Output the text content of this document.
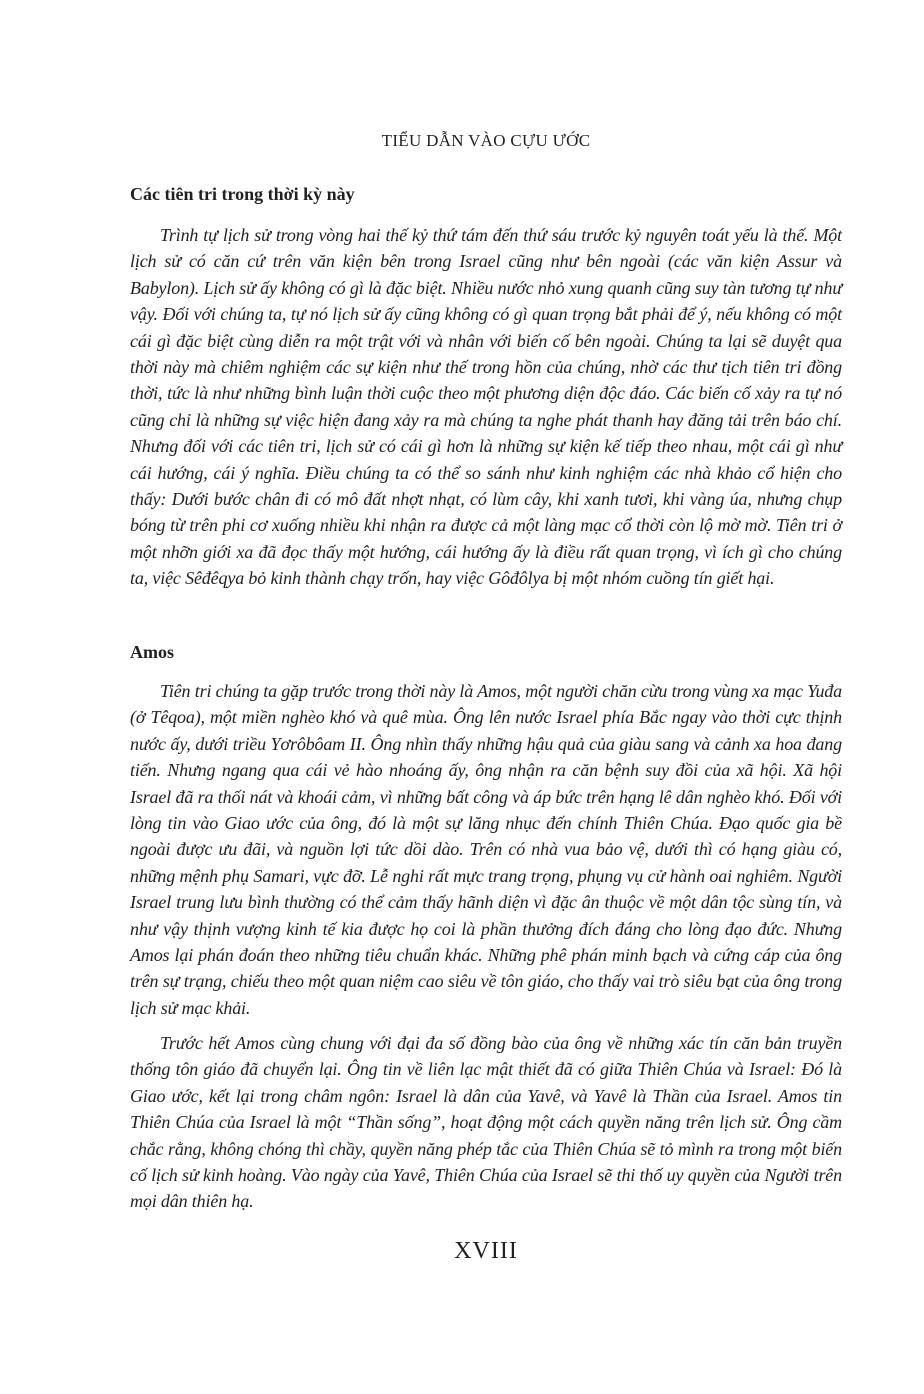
TIỂU DẪN VÀO CỰU ƯỚC

Các tiên tri trong thời kỳ này

Trình tự lịch sử trong vòng hai thế kỷ thứ tám đến thứ sáu trước kỷ nguyên toát yếu là thế. Một lịch sử có căn cứ trên văn kiện bên trong Israel cũng như bên ngoài (các văn kiện Assur và Babylon). Lịch sử ấy không có gì là đặc biệt. Nhiều nước nhỏ xung quanh cũng suy tàn tương tự như vậy. Đối với chúng ta, tự nó lịch sử ấy cũng không có gì quan trọng bắt phải để ý, nếu không có một cái gì đặc biệt cùng diễn ra một trật với và nhân với biến cố bên ngoài. Chúng ta lại sẽ duyệt qua thời này mà chiêm nghiệm các sự kiện như thế trong hồn của chúng, nhờ các thư tịch tiên tri đồng thời, tức là như những bình luận thời cuộc theo một phương diện độc đáo. Các biến cố xảy ra tự nó cũng chỉ là những sự việc hiện đang xảy ra mà chúng ta nghe phát thanh hay đăng tải trên báo chí. Nhưng đối với các tiên tri, lịch sử có cái gì hơn là những sự kiện kế tiếp theo nhau, một cái gì như cái hướng, cái ý nghĩa. Điều chúng ta có thể so sánh như kinh nghiệm các nhà khảo cổ hiện cho thấy: Dưới bước chân đi có mô đất nhợt nhạt, có lùm cây, khi xanh tươi, khi vàng úa, nhưng chụp bóng từ trên phi cơ xuống nhiều khi nhận ra được cả một làng mạc cổ thời còn lộ mờ mờ. Tiên tri ở một nhỡn giới xa đã đọc thấy một hướng, cái hướng ấy là điều rất quan trọng, vì ích gì cho chúng ta, việc Sêđêqya bỏ kinh thành chạy trốn, hay việc Gôđôlya bị một nhóm cuồng tín giết hại.

Amos

Tiên tri chúng ta gặp trước trong thời này là Amos, một người chăn cừu trong vùng xa mạc Yuđa (ở Têqoa), một miền nghèo khó và quê mùa. Ông lên nước Israel phía Bắc ngay vào thời cực thịnh nước ấy, dưới triều Yơrôbôam II. Ông nhìn thấy những hậu quả của giàu sang và cảnh xa hoa đang tiến. Nhưng ngang qua cái vẻ hào nhoáng ấy, ông nhận ra căn bệnh suy đồi của xã hội. Xã hội Israel đã ra thối nát và khoái cảm, vì những bất công và áp bức trên hạng lê dân nghèo khó. Đối với lòng tin vào Giao ước của ông, đó là một sự lăng nhục đến chính Thiên Chúa. Đạo quốc gia bề ngoài được ưu đãi, và nguồn lợi tức dồi dào. Trên có nhà vua bảo vệ, dưới thì có hạng giàu có, những mệnh phụ Samari, vực đỡ. Lễ nghi rất mực trang trọng, phụng vụ cử hành oai nghiêm. Người Israel trung lưu bình thường có thể cảm thấy hãnh diện vì đặc ân thuộc về một dân tộc sùng tín, và như vậy thịnh vượng kinh tế kia được họ coi là phần thưởng đích đáng cho lòng đạo đức. Nhưng Amos lại phán đoán theo những tiêu chuẩn khác. Những phê phán minh bạch và cứng cáp của ông trên sự trạng, chiếu theo một quan niệm cao siêu về tôn giáo, cho thấy vai trò siêu bạt của ông trong lịch sử mạc khải.

Trước hết Amos cùng chung với đại đa số đồng bào của ông về những xác tín căn bản truyền thống tôn giáo đã chuyển lại. Ông tin về liên lạc mật thiết đã có giữa Thiên Chúa và Israel: Đó là Giao ước, kết lại trong châm ngôn: Israel là dân của Yavê, và Yavê là Thần của Israel. Amos tin Thiên Chúa của Israel là một “Thần sống”, hoạt động một cách quyền năng trên lịch sử. Ông cầm chắc rằng, không chóng thì chầy, quyền năng phép tắc của Thiên Chúa sẽ tỏ mình ra trong một biến cố lịch sử kinh hoàng. Vào ngày của Yavê, Thiên Chúa của Israel sẽ thi thố uy quyền của Người trên mọi dân thiên hạ.

XVIII
